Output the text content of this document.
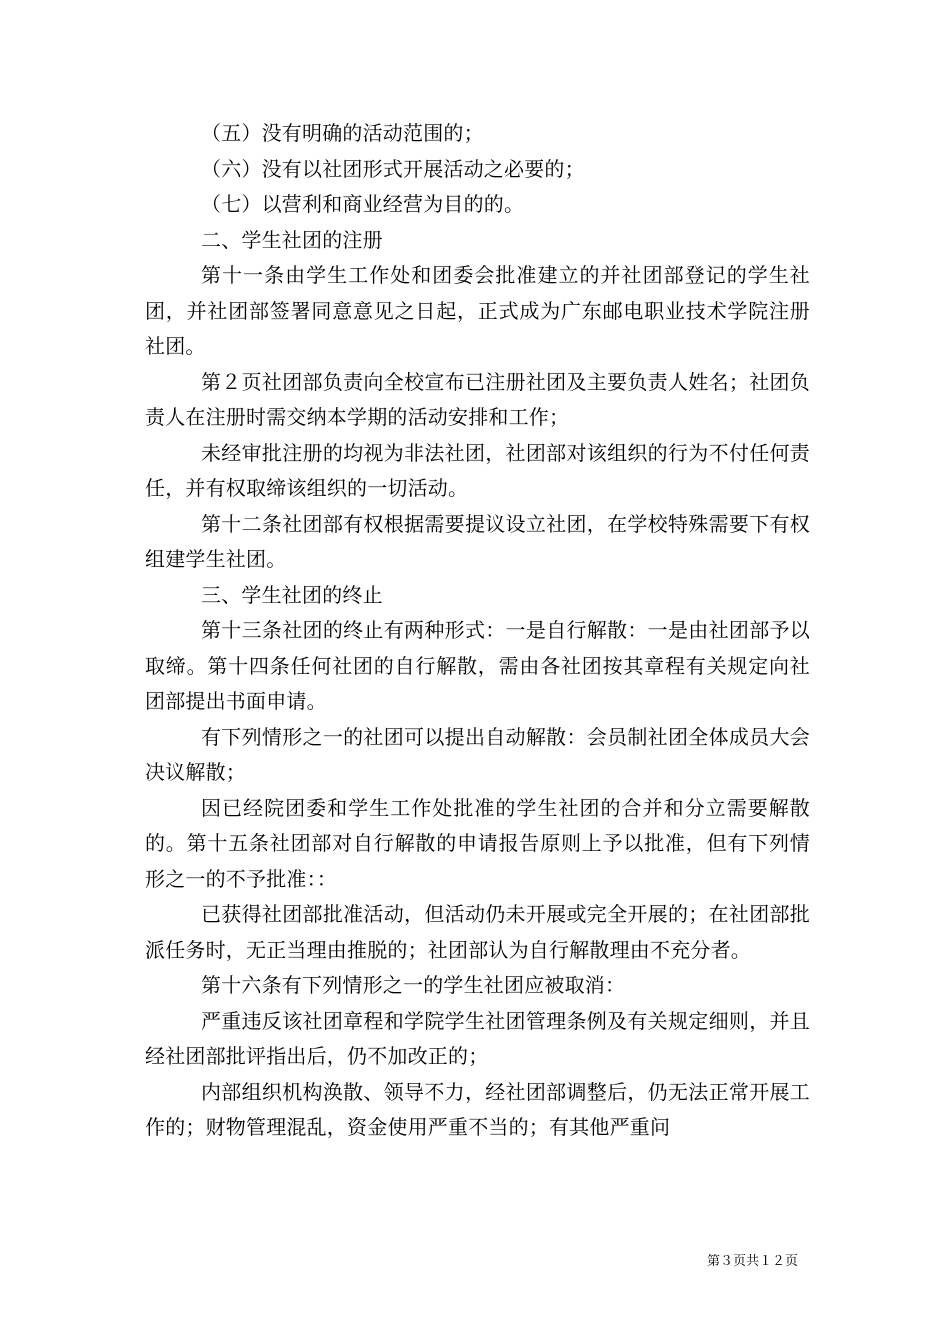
（五）没有明确的活动范围的；

（六）没有以社团形式开展活动之必要的；

（七）以营利和商业经营为目的的。

二、学生社团的注册

第十一条由学生工作处和团委会批准建立的并社团部登记的学生社团，并社团部签署同意意见之日起，正式成为广东邮电职业技术学院注册社团。

第２页社团部负责向全校宣布已注册社团及主要负责人姓名；社团负责人在注册时需交纳本学期的活动安排和工作；

未经审批注册的均视为非法社团，社团部对该组织的行为不付任何责任，并有权取缔该组织的一切活动。

第十二条社团部有权根据需要提议设立社团，在学校特殊需要下有权组建学生社团。

三、学生社团的终止

第十三条社团的终止有两种形式：一是自行解散：一是由社团部予以取缔。第十四条任何社团的自行解散，需由各社团按其章程有关规定向社团部提出书面申请。

有下列情形之一的社团可以提出自动解散：会员制社团全体成员大会决议解散；

因已经院团委和学生工作处批准的学生社团的合并和分立需要解散的。第十五条社团部对自行解散的申请报告原则上予以批准，但有下列情形之一的不予批准：：

已获得社团部批准活动，但活动仍未开展或完全开展的；在社团部批派任务时，无正当理由推脱的；社团部认为自行解散理由不充分者。

第十六条有下列情形之一的学生社团应被取消：

严重违反该社团章程和学院学生社团管理条例及有关规定细则，并且经社团部批评指出后，仍不加改正的；

内部组织机构涣散、领导不力，经社团部调整后，仍无法正常开展工作的；财物管理混乱，资金使用严重不当的；有其他严重问

第３页共１２页
